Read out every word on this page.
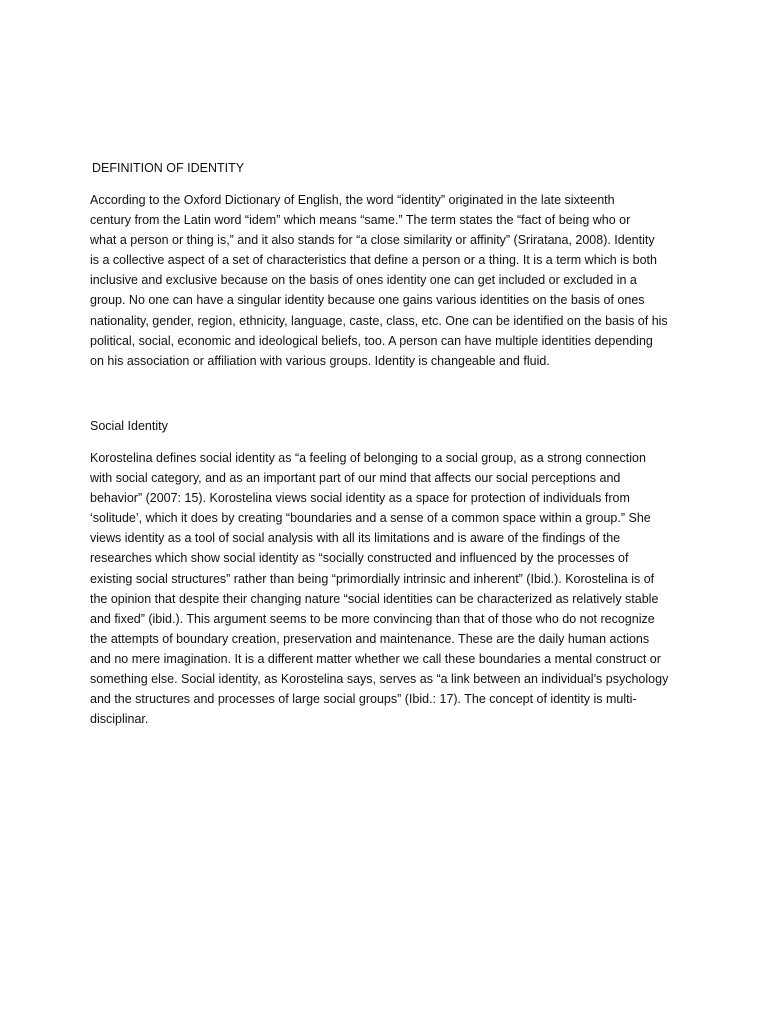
DEFINITION OF IDENTITY
According to the Oxford Dictionary of English, the word “identity” originated in the late sixteenth
century from the Latin word “idem” which means “same.” The term states the “fact of being who or
what a person or thing is,” and it also stands for “a close similarity or affinity” (Sriratana, 2008). Identity
is a collective aspect of a set of characteristics that define a person or a thing. It is a term which is both
inclusive and exclusive because on the basis of ones identity one can get included or excluded in a
group. No one can have a singular identity because one gains various identities on the basis of ones
nationality, gender, region, ethnicity, language, caste, class, etc. One can be identified on the basis of his
political, social, economic and ideological beliefs, too. A person can have multiple identities depending
on his association or affiliation with various groups. Identity is changeable and fluid.
Social Identity
Korostelina defines social identity as “a feeling of belonging to a social group, as a strong connection
with social category, and as an important part of our mind that affects our social perceptions and
behavior” (2007: 15). Korostelina views social identity as a space for protection of individuals from
‘solitude’, which it does by creating “boundaries and a sense of a common space within a group.” She
views identity as a tool of social analysis with all its limitations and is aware of the findings of the
researches which show social identity as “socially constructed and influenced by the processes of
existing social structures” rather than being “primordially intrinsic and inherent” (Ibid.). Korostelina is of
the opinion that despite their changing nature “social identities can be characterized as relatively stable
and fixed” (ibid.). This argument seems to be more convincing than that of those who do not recognize
the attempts of boundary creation, preservation and maintenance. These are the daily human actions
and no mere imagination. It is a different matter whether we call these boundaries a mental construct or
something else. Social identity, as Korostelina says, serves as “a link between an individual’s psychology
and the structures and processes of large social groups” (Ibid.: 17). The concept of identity is multi-
disciplinar.
